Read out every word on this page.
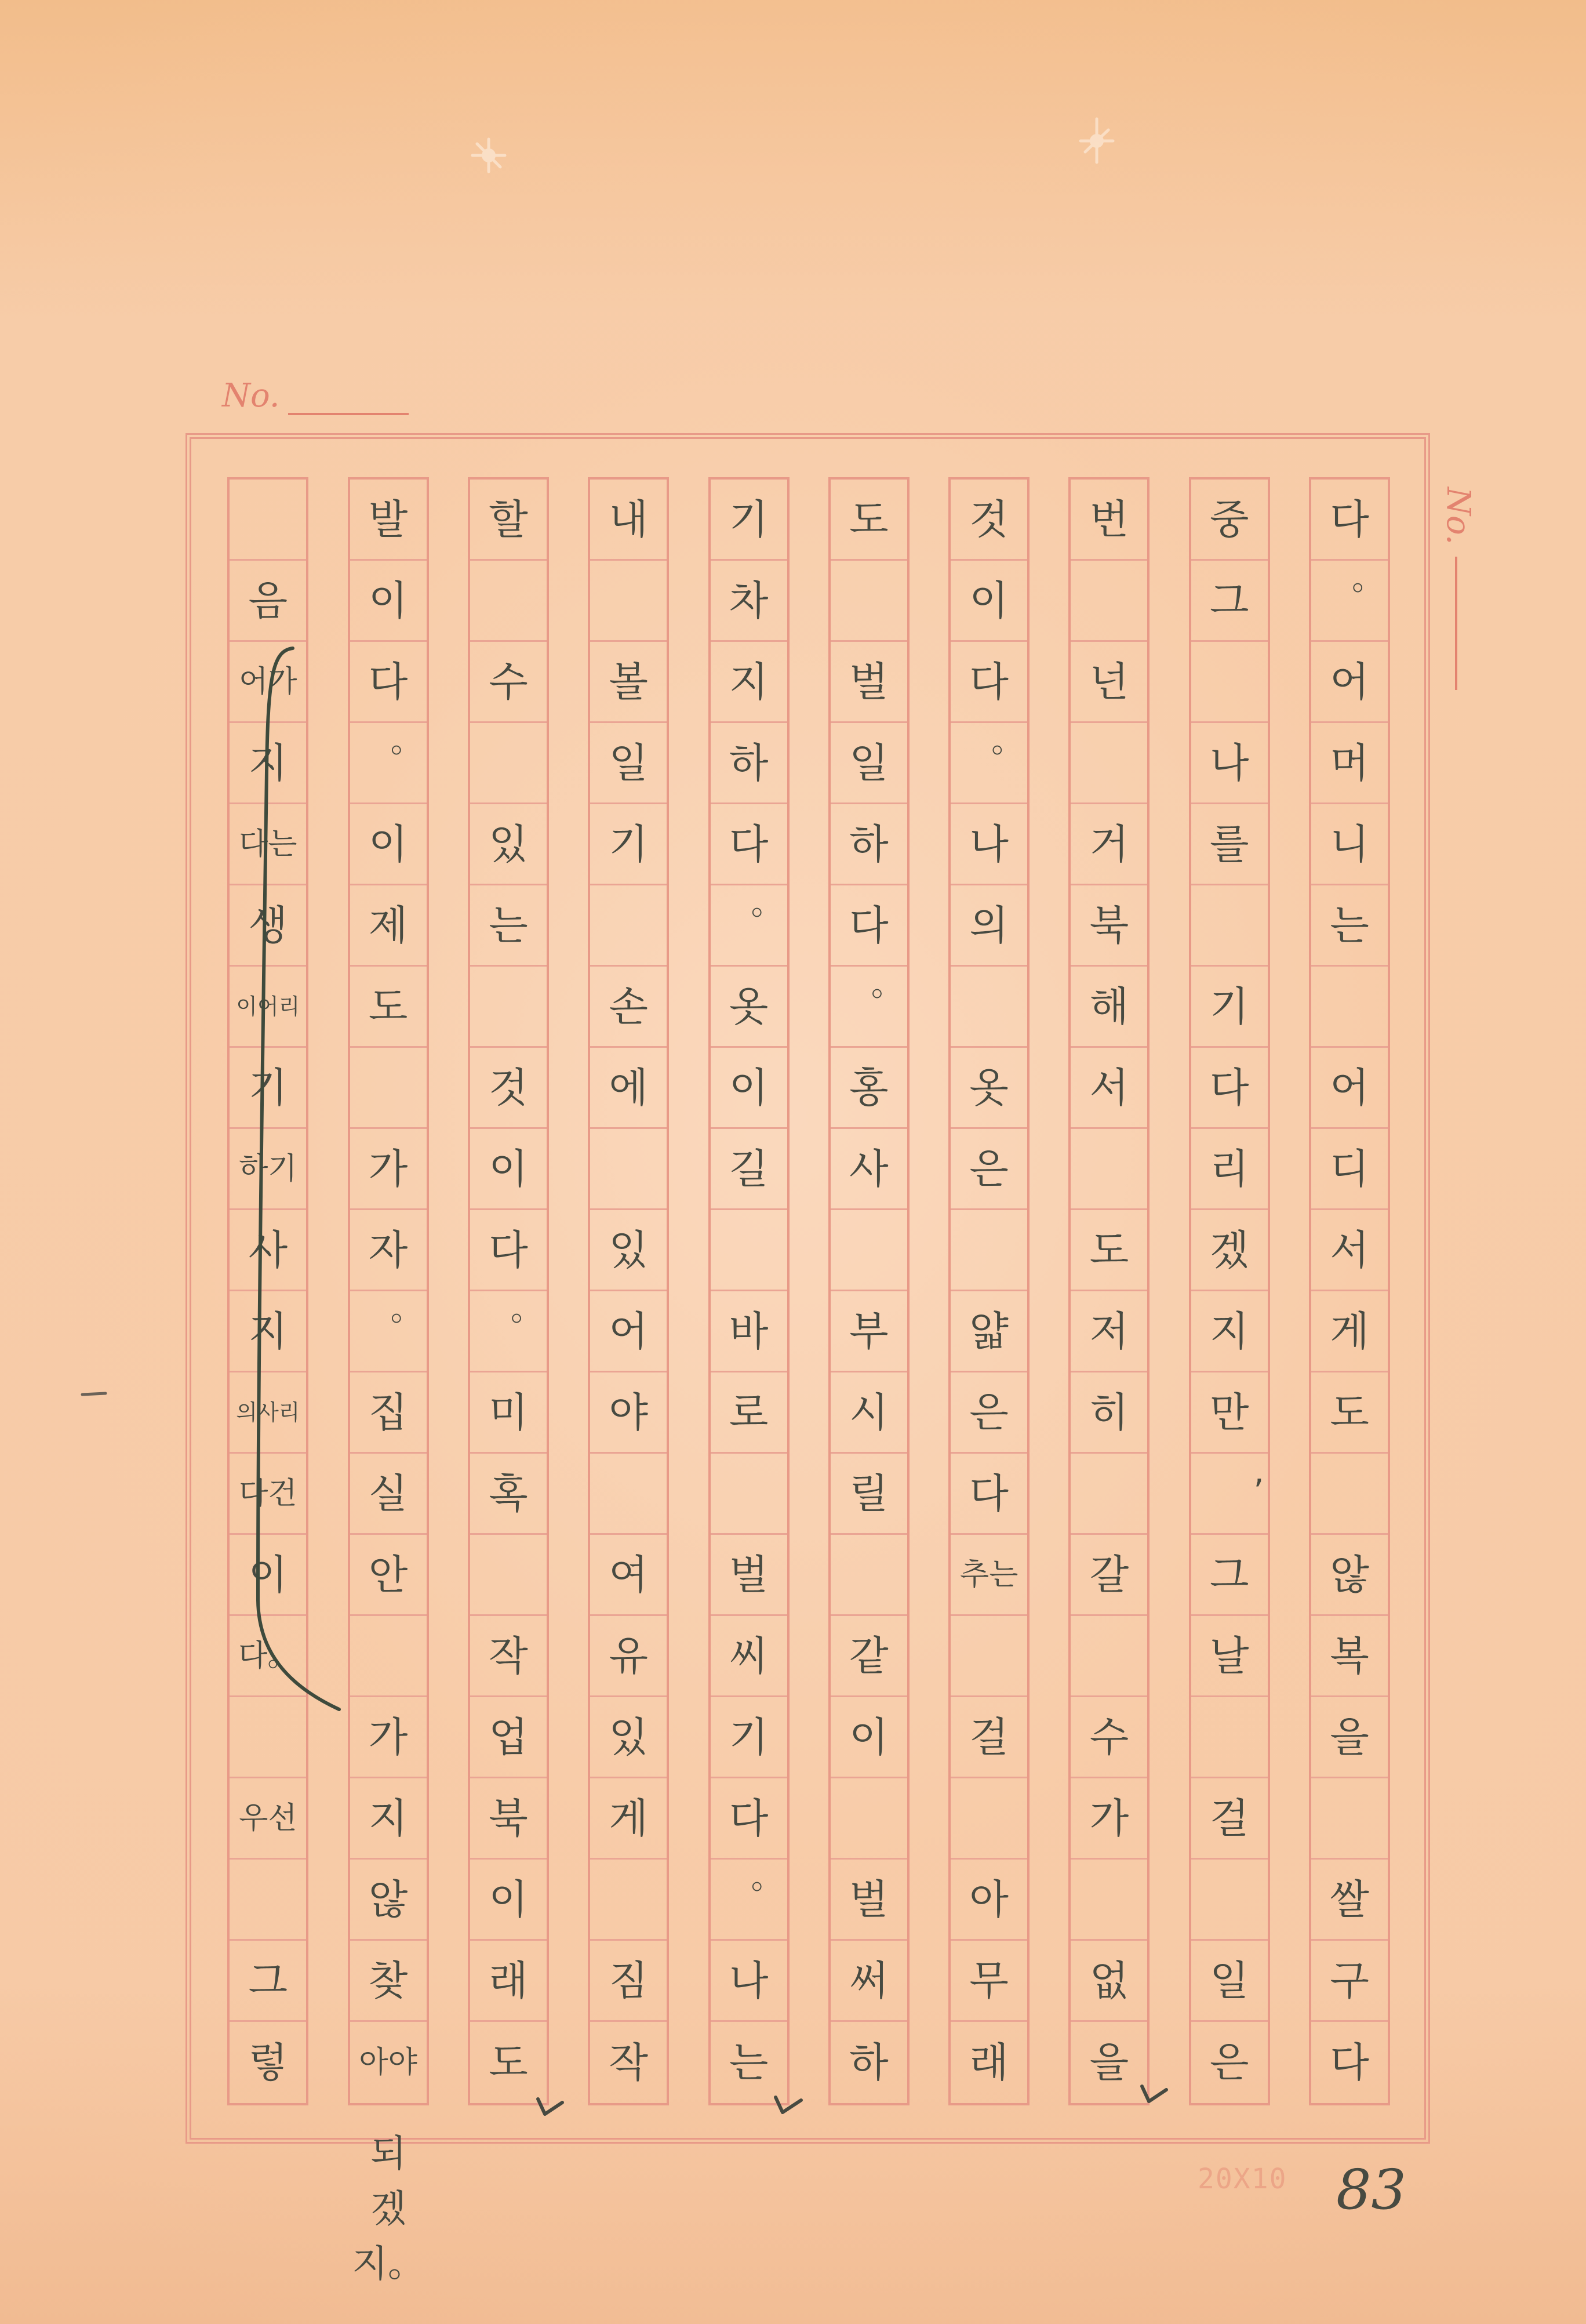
No.
No.
다
。
어
머
니
는
어
디
서
게
도
않
복
을
쌀
구
다
중
그
나
를
기
다
리
겠
지
만
,
그
날
걸
일
은
번
넌
거
북
해
서
도
저
히
갈
수
가
없
을
것
이
다
。
나
의
옷
은
얇
은
다
추는
걸
아
무
래
도
벌
일
하
다
。
홍
사
부
시
릴
같
이
벌
써
하
기
차
지
하
다
。
옷
이
길
바
로
벌
씨
기
다
。
나
는
내
볼
일
기
손
에
있
어
야
여
유
있
게
짐
작
할
수
있
는
것
이
다
。
미
혹
작
업
북
이
래
도
발
이
다
。
이
제
도
가
자
。
집
실
안
가
지
않
찾
아야
음
어가
지
다는
생
이어리
기
하기
사
지
의사리
다건
이
다。
우선
그
렇
되
겠
지。
20X10 83
